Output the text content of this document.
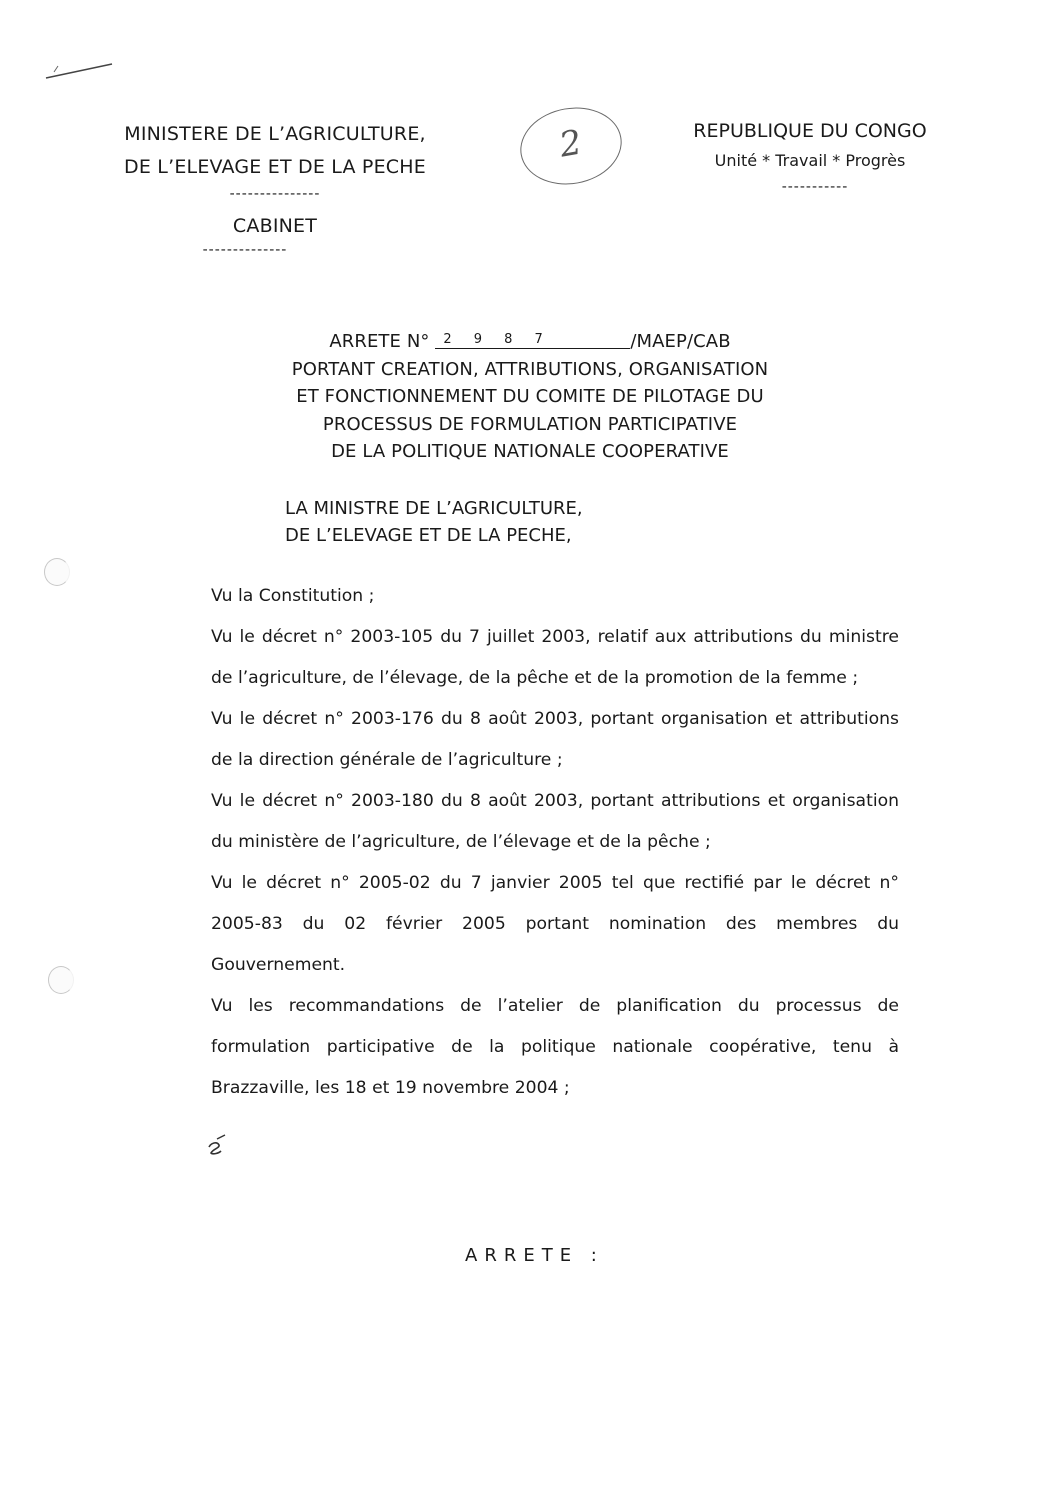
MINISTERE DE L’AGRICULTURE,
DE L’ELEVAGE ET DE LA PECHE
---------------
CABINET
--------------
2	REPUBLIQUE DU CONGO
Unité * Travail * Progrès
-----------
ARRETE N° 2 9 8 7	/MAEP/CAB
PORTANT CREATION, ATTRIBUTIONS, ORGANISATION
ET FONCTIONNEMENT DU COMITE DE PILOTAGE DU
PROCESSUS DE FORMULATION PARTICIPATIVE
DE LA POLITIQUE NATIONALE COOPERATIVE
LA MINISTRE DE L’AGRICULTURE,
DE L’ELEVAGE ET DE LA PECHE,

Vu la Constitution ;

Vu le décret n° 2003-105 du 7 juillet 2003, relatif aux attributions du ministre de l’agriculture, de l’élevage, de la pêche et de la promotion de la femme ;

Vu le décret n° 2003-176 du 8 août 2003, portant organisation et attributions de la direction générale de l’agriculture ;

Vu le décret n° 2003-180 du 8 août 2003, portant attributions et organisation du ministère de l’agriculture, de l’élevage et de la pêche ;

Vu le décret n° 2005-02 du 7 janvier 2005 tel que rectifié par le décret n° 2005-83 du 02 février 2005 portant nomination des membres du Gouvernement.

Vu les recommandations de l’atelier de planification du processus de formulation participative de la politique nationale coopérative, tenu à Brazzaville, les 18 et 19 novembre 2004 ;

ARRETE :
